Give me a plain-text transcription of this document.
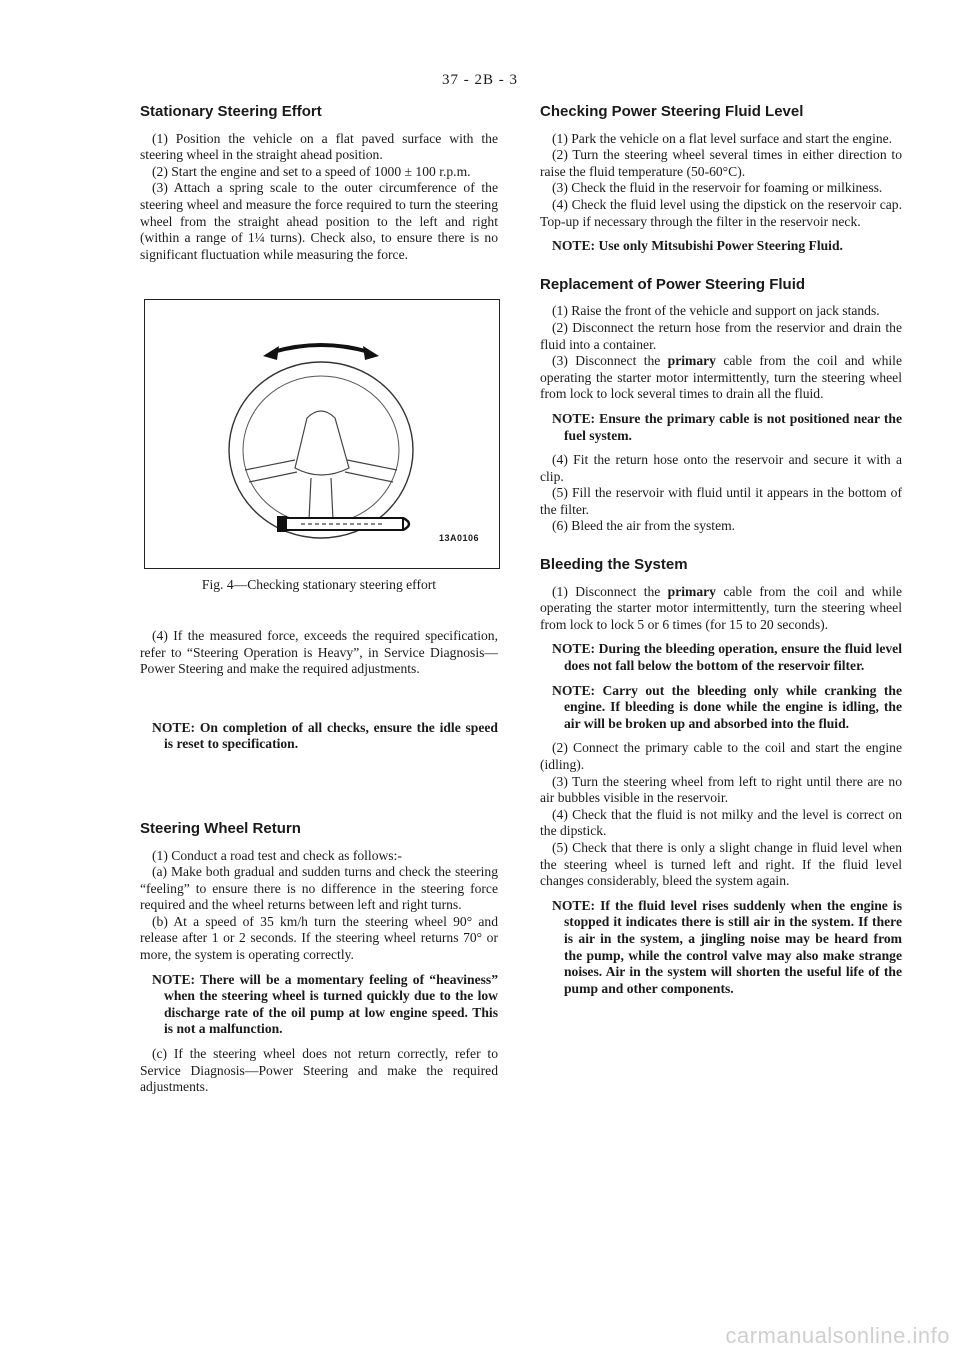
37 - 2B - 3
Stationary Steering Effort

(1) Position the vehicle on a flat paved surface with the steering wheel in the straight ahead position.

(2) Start the engine and set to a speed of 1000 ± 100 r.p.m.

(3) Attach a spring scale to the outer circumference of the steering wheel and measure the force required to turn the steering wheel from the straight ahead position to the left and right (within a range of 1¼ turns). Check also, to ensure there is no significant fluctuation while measuring the force.

13A0106
Fig. 4—Checking stationary steering effort

(4) If the measured force, exceeds the required specification, refer to “Steering Operation is Heavy”, in Service Diagnosis—Power Steering and make the required adjustments.

NOTE: On completion of all checks, ensure the idle speed is reset to specification.
Steering Wheel Return

(1) Conduct a road test and check as follows:-

(a) Make both gradual and sudden turns and check the steering “feeling” to ensure there is no difference in the steering force required and the wheel returns between left and right turns.

(b) At a speed of 35 km/h turn the steering wheel 90° and release after 1 or 2 seconds. If the steering wheel returns 70° or more, the system is operating correctly.

NOTE: There will be a momentary feeling of “heaviness” when the steering wheel is turned quickly due to the low discharge rate of the oil pump at low engine speed. This is not a malfunction.

(c) If the steering wheel does not return correctly, refer to Service Diagnosis—Power Steering and make the required adjustments.

Checking Power Steering Fluid Level

(1) Park the vehicle on a flat level surface and start the engine.

(2) Turn the steering wheel several times in either direction to raise the fluid temperature (50-60°C).

(3) Check the fluid in the reservoir for foaming or milkiness.

(4) Check the fluid level using the dipstick on the reservoir cap. Top-up if necessary through the filter in the reservoir neck.

NOTE: Use only Mitsubishi Power Steering Fluid.
Replacement of Power Steering Fluid

(1) Raise the front of the vehicle and support on jack stands.

(2) Disconnect the return hose from the reservior and drain the fluid into a container.

(3) Disconnect the primary cable from the coil and while operating the starter motor intermittently, turn the steering wheel from lock to lock several times to drain all the fluid.

NOTE: Ensure the primary cable is not positioned near the fuel system.

(4) Fit the return hose onto the reservoir and secure it with a clip.

(5) Fill the reservoir with fluid until it appears in the bottom of the filter.

(6) Bleed the air from the system.

Bleeding the System

(1) Disconnect the primary cable from the coil and while operating the starter motor intermittently, turn the steering wheel from lock to lock 5 or 6 times (for 15 to 20 seconds).

NOTE: During the bleeding operation, ensure the fluid level does not fall below the bottom of the reservoir filter.
NOTE: Carry out the bleeding only while cranking the engine. If bleeding is done while the engine is idling, the air will be broken up and absorbed into the fluid.

(2) Connect the primary cable to the coil and start the engine (idling).

(3) Turn the steering wheel from left to right until there are no air bubbles visible in the reservoir.

(4) Check that the fluid is not milky and the level is correct on the dipstick.

(5) Check that there is only a slight change in fluid level when the steering wheel is turned left and right. If the fluid level changes considerably, bleed the system again.

NOTE: If the fluid level rises suddenly when the engine is stopped it indicates there is still air in the system. If there is air in the system, a jingling noise may be heard from the pump, while the control valve may also make strange noises. Air in the system will shorten the useful life of the pump and other components.
carmanualsonline.info
